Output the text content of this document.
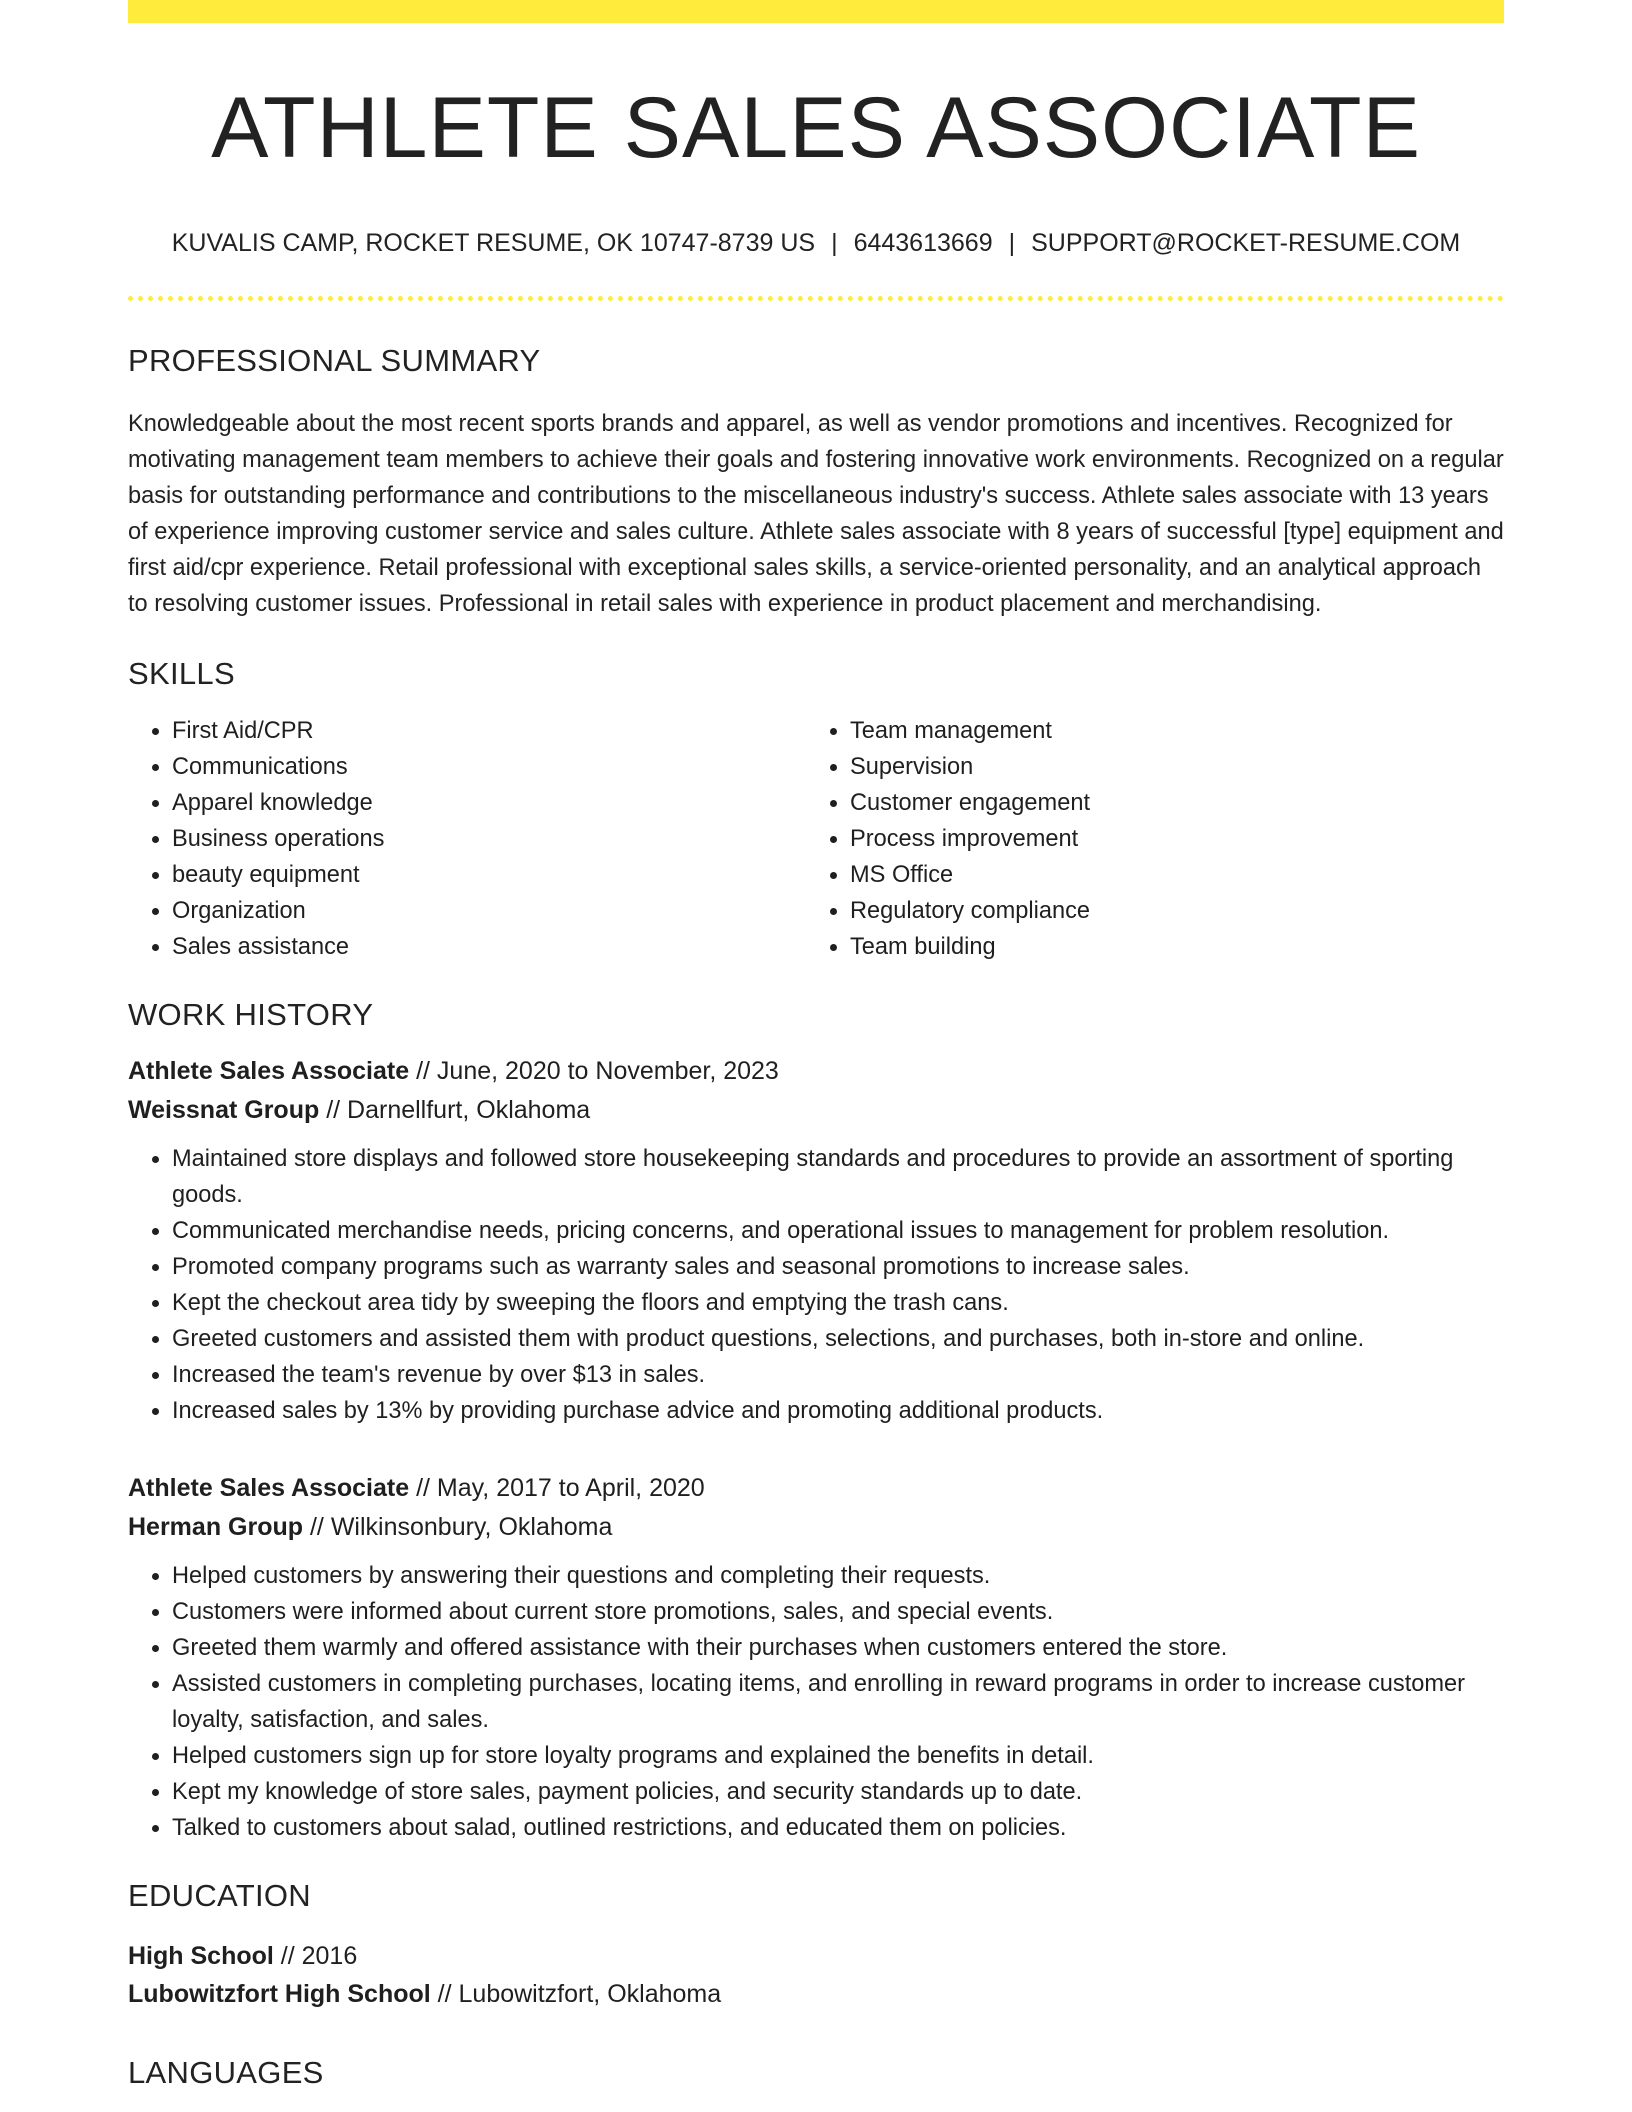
ATHLETE SALES ASSOCIATE
KUVALIS CAMP, ROCKET RESUME, OK 10747-8739 US | 6443613669 | SUPPORT@ROCKET-RESUME.COM
PROFESSIONAL SUMMARY
Knowledgeable about the most recent sports brands and apparel, as well as vendor promotions and incentives. Recognized for motivating management team members to achieve their goals and fostering innovative work environments. Recognized on a regular basis for outstanding performance and contributions to the miscellaneous industry's success. Athlete sales associate with 13 years of experience improving customer service and sales culture. Athlete sales associate with 8 years of successful [type] equipment and first aid/cpr experience. Retail professional with exceptional sales skills, a service-oriented personality, and an analytical approach to resolving customer issues. Professional in retail sales with experience in product placement and merchandising.
SKILLS
• First Aid/CPR
• Communications
• Apparel knowledge
• Business operations
• beauty equipment
• Organization
• Sales assistance
• Team management
• Supervision
• Customer engagement
• Process improvement
• MS Office
• Regulatory compliance
• Team building
WORK HISTORY
Athlete Sales Associate // June, 2020 to November, 2023
Weissnat Group // Darnellfurt, Oklahoma
• Maintained store displays and followed store housekeeping standards and procedures to provide an assortment of sporting goods.
• Communicated merchandise needs, pricing concerns, and operational issues to management for problem resolution.
• Promoted company programs such as warranty sales and seasonal promotions to increase sales.
• Kept the checkout area tidy by sweeping the floors and emptying the trash cans.
• Greeted customers and assisted them with product questions, selections, and purchases, both in-store and online.
• Increased the team's revenue by over $13 in sales.
• Increased sales by 13% by providing purchase advice and promoting additional products.
Athlete Sales Associate // May, 2017 to April, 2020
Herman Group // Wilkinsonbury, Oklahoma
• Helped customers by answering their questions and completing their requests.
• Customers were informed about current store promotions, sales, and special events.
• Greeted them warmly and offered assistance with their purchases when customers entered the store.
• Assisted customers in completing purchases, locating items, and enrolling in reward programs in order to increase customer loyalty, satisfaction, and sales.
• Helped customers sign up for store loyalty programs and explained the benefits in detail.
• Kept my knowledge of store sales, payment policies, and security standards up to date.
• Talked to customers about salad, outlined restrictions, and educated them on policies.
EDUCATION
High School // 2016
Lubowitzfort High School // Lubowitzfort, Oklahoma
LANGUAGES
